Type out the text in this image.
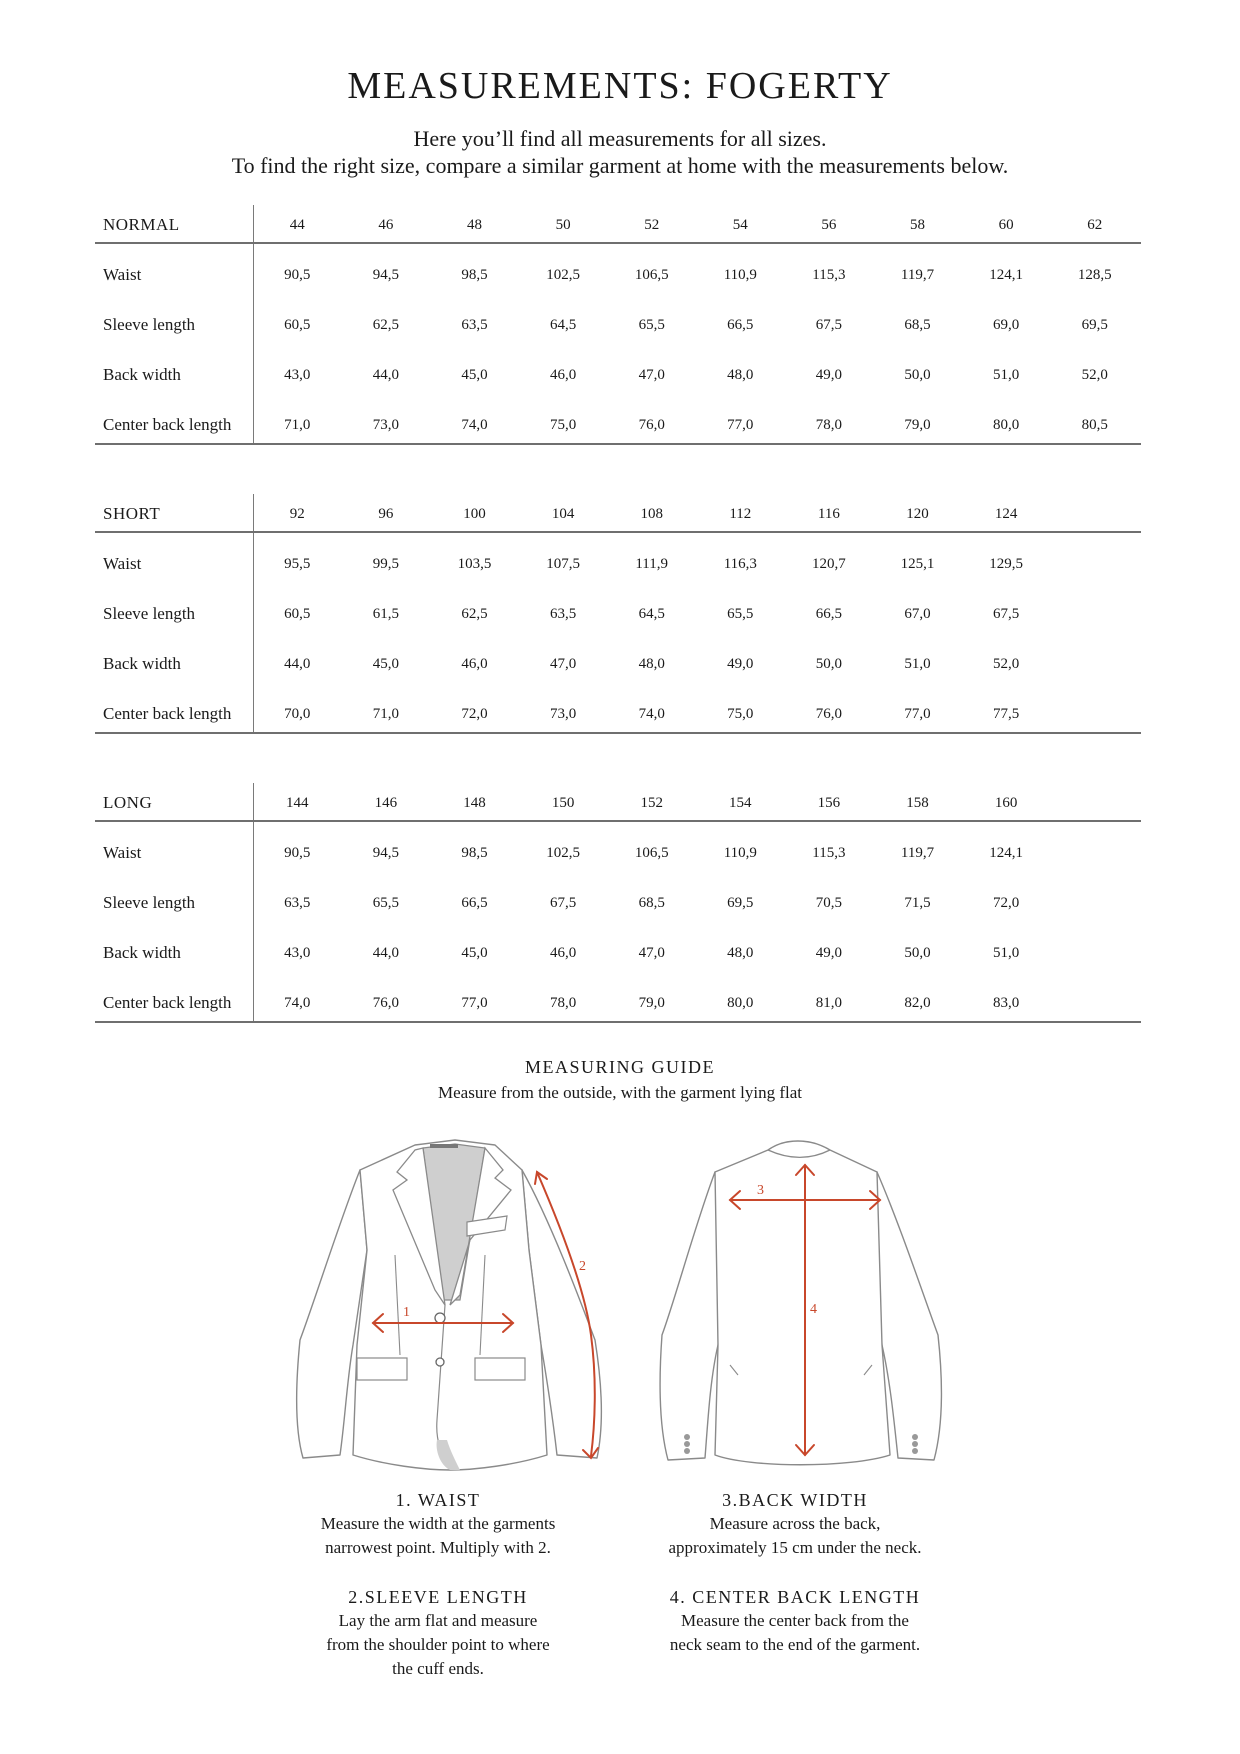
MEASUREMENTS: FOGERTY
Here you’ll find all measurements for all sizes.
To find the right size, compare a similar garment at home with the measurements below.
NORMAL	44	46	48	50	52	54	56	58	60	62
Waist	90,5	94,5	98,5	102,5	106,5	110,9	115,3	119,7	124,1	128,5
Sleeve length	60,5	62,5	63,5	64,5	65,5	66,5	67,5	68,5	69,0	69,5
Back width	43,0	44,0	45,0	46,0	47,0	48,0	49,0	50,0	51,0	52,0
Center back length	71,0	73,0	74,0	75,0	76,0	77,0	78,0	79,0	80,0	80,5
SHORT	92	96	100	104	108	112	116	120	124
Waist	95,5	99,5	103,5	107,5	111,9	116,3	120,7	125,1	129,5
Sleeve length	60,5	61,5	62,5	63,5	64,5	65,5	66,5	67,0	67,5
Back width	44,0	45,0	46,0	47,0	48,0	49,0	50,0	51,0	52,0
Center back length	70,0	71,0	72,0	73,0	74,0	75,0	76,0	77,0	77,5
LONG	144	146	148	150	152	154	156	158	160
Waist	90,5	94,5	98,5	102,5	106,5	110,9	115,3	119,7	124,1
Sleeve length	63,5	65,5	66,5	67,5	68,5	69,5	70,5	71,5	72,0
Back width	43,0	44,0	45,0	46,0	47,0	48,0	49,0	50,0	51,0
Center back length	74,0	76,0	77,0	78,0	79,0	80,0	81,0	82,0	83,0
MEASURING GUIDE
Measure from the outside, with the garment lying flat
1
2
3
4
1. WAIST
Measure the width at the garments
narrowest point. Multiply with 2.
2.SLEEVE LENGTH
Lay the arm flat and measure
from the shoulder point to where
the cuff ends.
3.BACK WIDTH
Measure across the back,
approximately 15 cm under the neck.
4. CENTER BACK LENGTH
Measure the center back from the
neck seam to the end of the garment.
